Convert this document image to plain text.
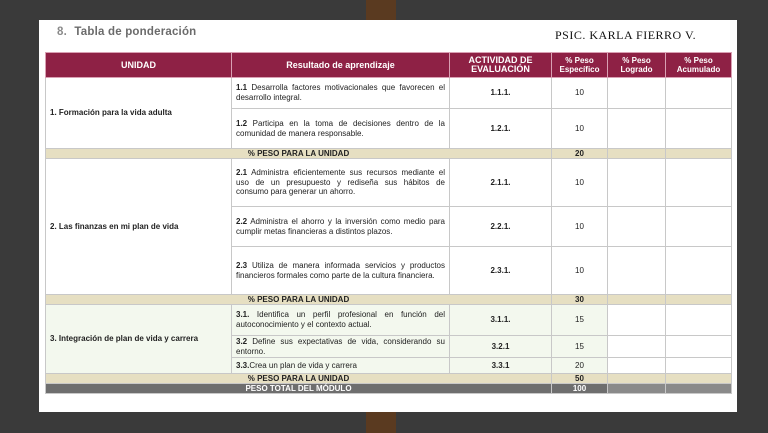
8. Tabla de ponderación	PSIC. KARLA FIERRO V.
UNIDAD	Resultado de aprendizaje	ACTIVIDAD DE EVALUACIÓN	% Peso Específico	% Peso Logrado	% Peso Acumulado
1. Formación para la vida adulta	1.1 Desarrolla factores motivacionales que favorecen el desarrollo integral.	1.1.1.	10		
	1.2 Participa en la toma de decisiones dentro de la comunidad de manera responsable.	1.2.1.	10		
% PESO PARA LA UNIDAD			20		
2. Las finanzas en mi plan de vida	2.1 Administra eficientemente sus recursos mediante el uso de un presupuesto y rediseña sus hábitos de consumo para generar un ahorro.	2.1.1.	10		
	2.2 Administra el ahorro y la inversión como medio para cumplir metas financieras a distintos plazos.	2.2.1.	10		
	2.3 Utiliza de manera informada servicios y productos financieros formales como parte de la cultura financiera.	2.3.1.	10		
% PESO PARA LA UNIDAD			30		
3. Integración de plan de vida y carrera	3.1. Identifica un perfil profesional en función del autoconocimiento y el contexto actual.	3.1.1.	15		
	3.2 Define sus expectativas de vida, considerando su entorno.	3.2.1	15		
	3.3.Crea un plan de vida y carrera	3.3.1	20		
% PESO PARA LA UNIDAD			50		
PESO TOTAL DEL MÓDULO			100		
